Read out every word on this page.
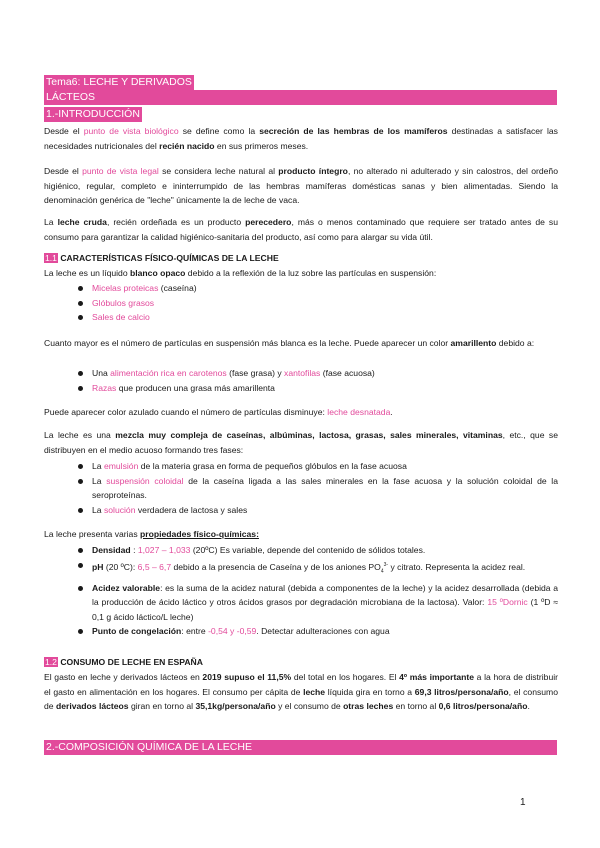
Tema6: LECHE Y DERIVADOS
LÁCTEOS
1.-INTRODUCCIÓN

Desde el punto de vista biológico se define como la secreción de las hembras de los mamíferos destinadas a satisfacer las necesidades nutricionales del recién nacido en sus primeros meses.

Desde el punto de vista legal se considera leche natural al producto íntegro, no alterado ni adulterado y sin calostros, del ordeño higiénico, regular, completo e ininterrumpido de las hembras mamíferas domésticas sanas y bien alimentadas. Siendo la denominación genérica de "leche" únicamente la de leche de vaca.

La leche cruda, recién ordeñada es un producto perecedero, más o menos contaminado que requiere ser tratado antes de su consumo para garantizar la calidad higiénico-sanitaria del producto, así como para alargar su vida útil.

1.1 CARACTERÍSTICAS FÍSICO-QUÍMICAS DE LA LECHE

La leche es un líquido blanco opaco debido a la reflexión de la luz sobre las partículas en suspensión:

Micelas proteicas (caseína)
Glóbulos grasos
Sales de calcio

Cuanto mayor es el número de partículas en suspensión más blanca es la leche. Puede aparecer un color amarillento debido a:

Una alimentación rica en carotenos (fase grasa) y xantofilas (fase acuosa)
Razas que producen una grasa más amarillenta

Puede aparecer color azulado cuando el número de partículas disminuye: leche desnatada.

La leche es una mezcla muy compleja de caseínas, albúminas, lactosa, grasas, sales minerales, vitaminas, etc., que se distribuyen en el medio acuoso formando tres fases:

La emulsión de la materia grasa en forma de pequeños glóbulos en la fase acuosa
La suspensión coloidal de la caseína ligada a las sales minerales en la fase acuosa y la solución coloidal de la seroproteínas.
La solución verdadera de lactosa y sales

La leche presenta varias propiedades físico-químicas:

Densidad : 1,027 – 1,033 (20ºC) Es variable, depende del contenido de sólidos totales.
pH (20 ºC): 6,5 – 6,7 debido a la presencia de Caseína y de los aniones $PO_4^{3-}$ y citrato. Representa la acidez real.
Acidez valorable: es la suma de la acidez natural (debida a componentes de la leche) y la acidez desarrollada (debida a la producción de ácido láctico y otros ácidos grasos por degradación microbiana de la lactosa). Valor: 15 ºDornic (1 ºD ≈ 0,1 g ácido láctico/L leche)
Punto de congelación: entre -0,54 y -0,59. Detectar adulteraciones con agua
1.2 CONSUMO DE LECHE EN ESPAÑA

El gasto en leche y derivados lácteos en 2019 supuso el 11,5% del total en los hogares. El 4º más importante a la hora de distribuir el gasto en alimentación en los hogares. El consumo per cápita de leche líquida gira en torno a 69,3 litros/persona/año, el consumo de derivados lácteos giran en torno al 35,1kg/persona/año y el consumo de otras leches en torno al 0,6 litros/persona/año.

2.-COMPOSICIÓN QUÍMICA DE LA LECHE
1
